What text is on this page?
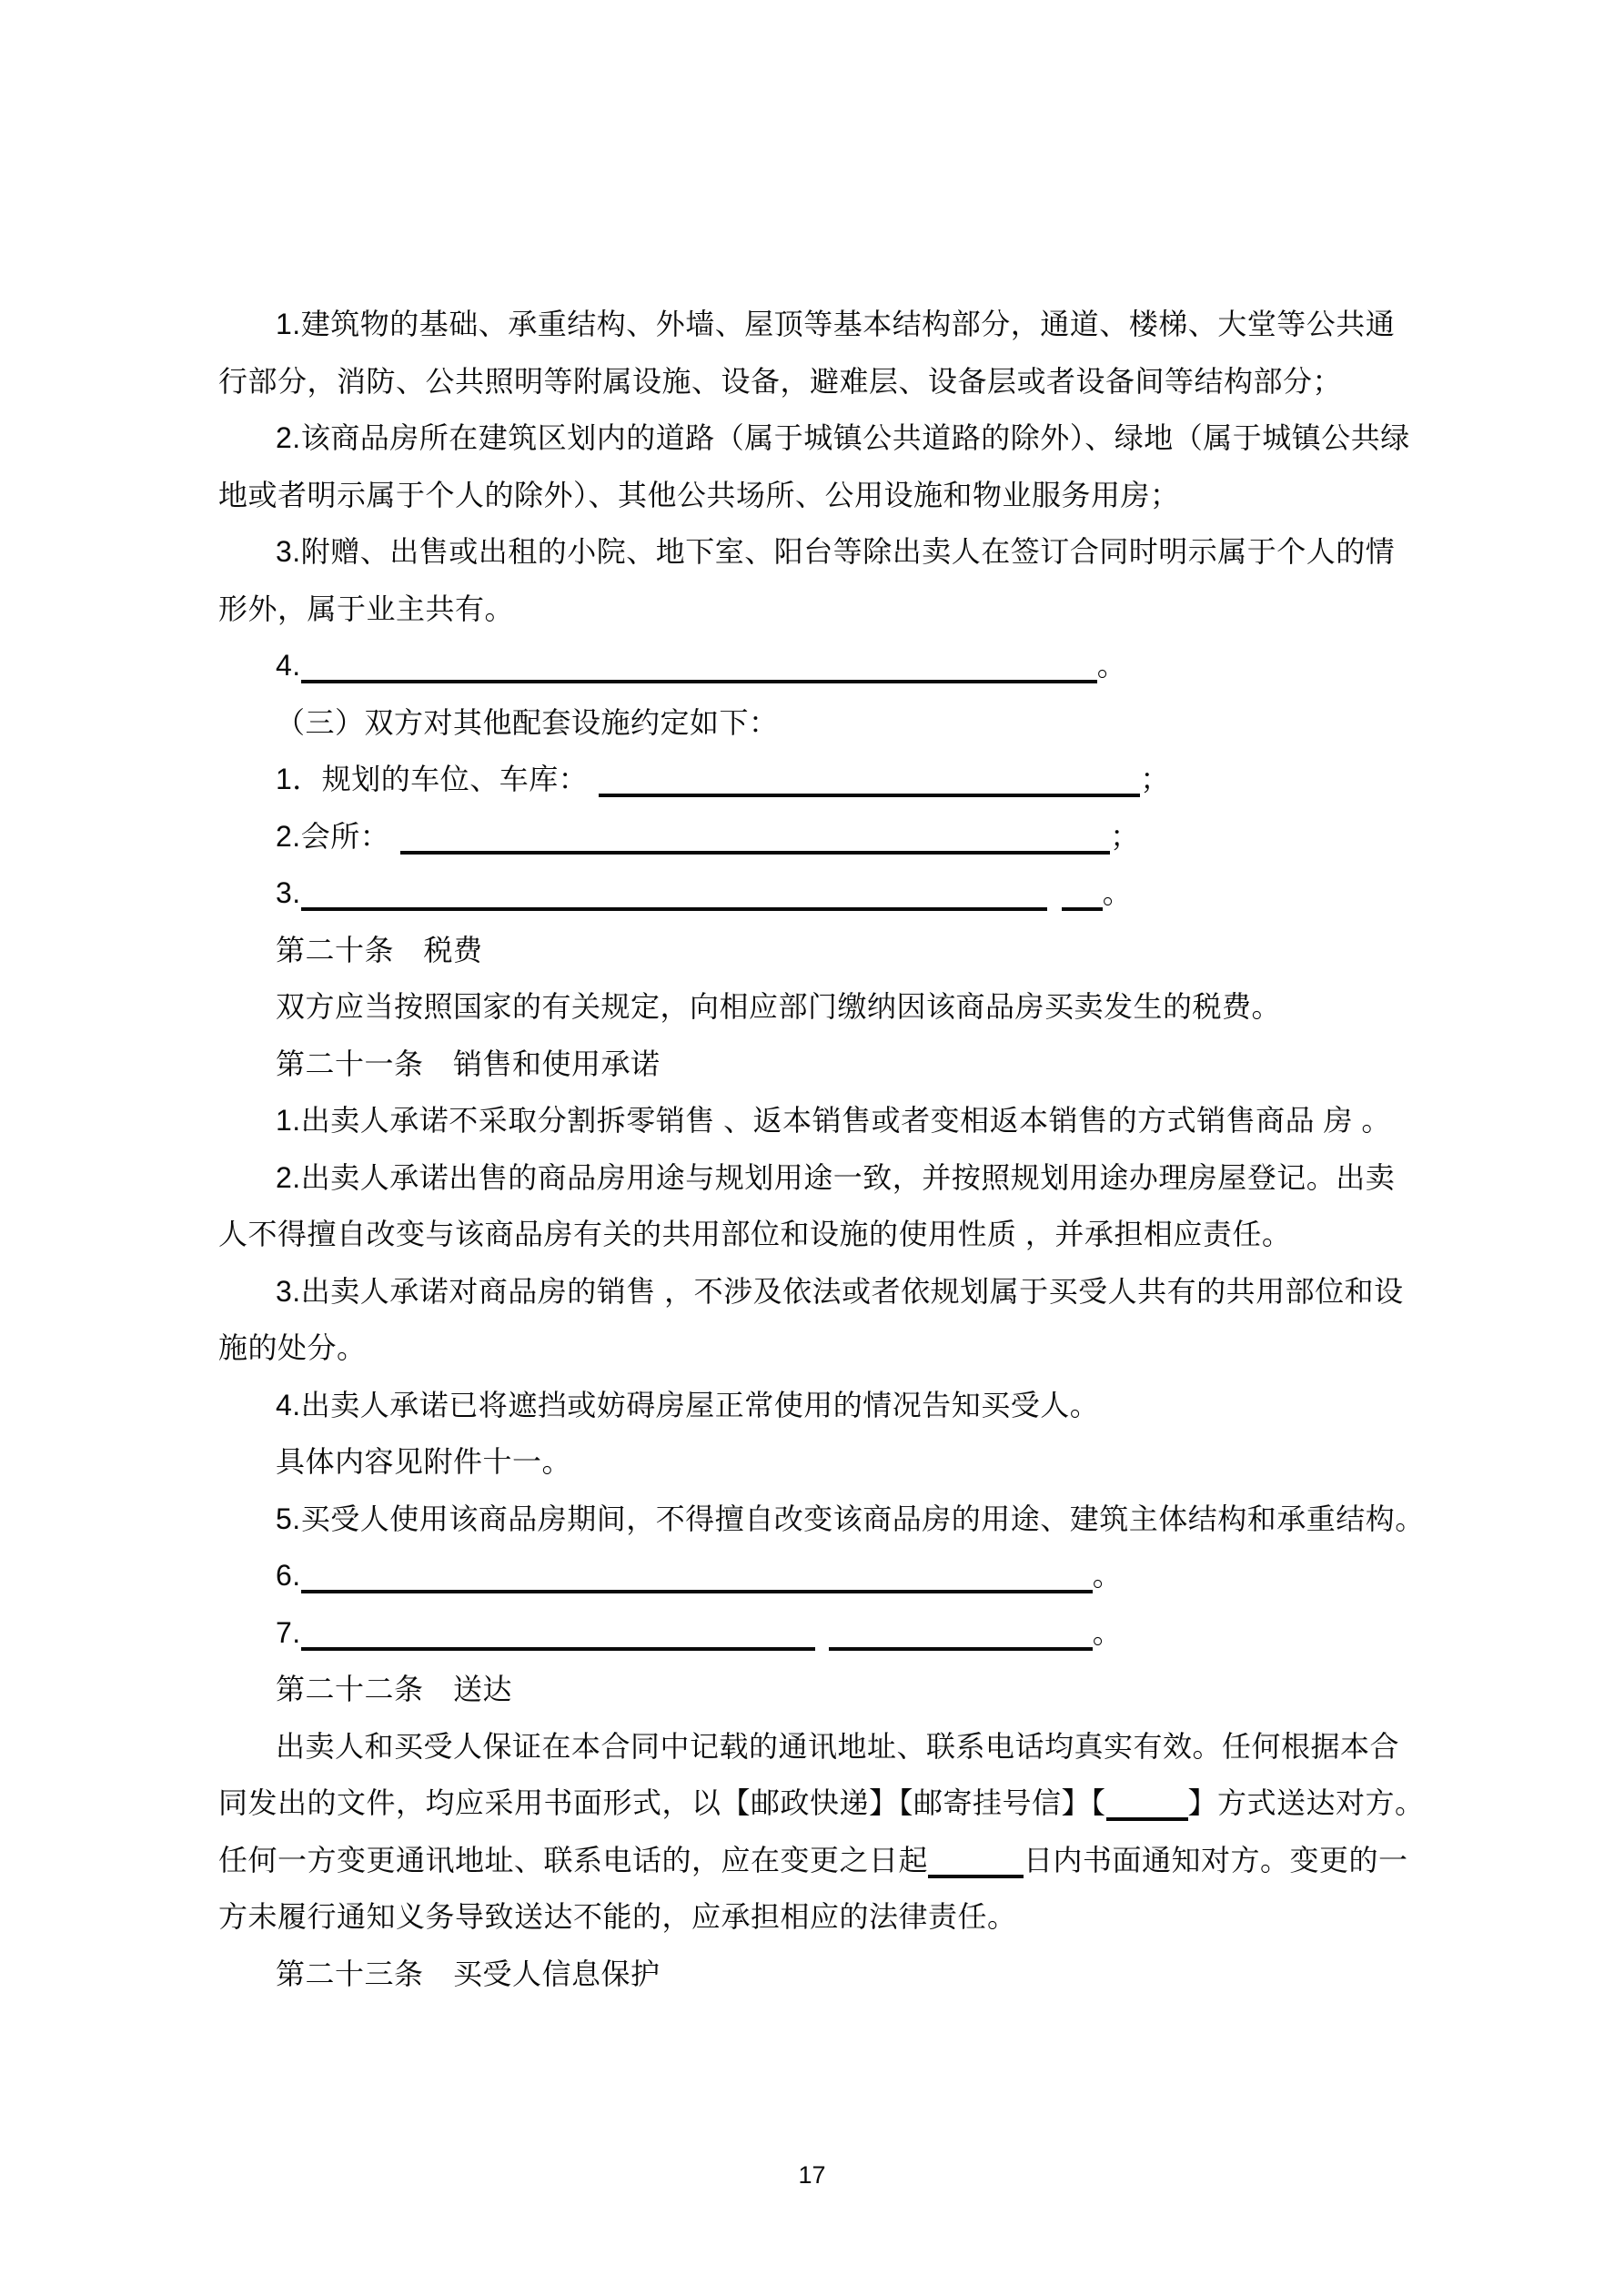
1.建筑物的基础、承重结构、外墙、屋顶等基本结构部分，通道、楼梯、大堂等公共通
行部分，消防、公共照明等附属设施、设备，避难层、设备层或者设备间等结构部分；
2.该商品房所在建筑区划内的道路（属于城镇公共道路的除外）、绿地（属于城镇公共绿
地或者明示属于个人的除外）、其他公共场所、公用设施和物业服务用房；
3.附赠、出售或出租的小院、地下室、阳台等除出卖人在签订合同时明示属于个人的情
形外，属于业主共有。
4.	。
（三）双方对其他配套设施约定如下：
1．规划的车位、车库：	；
2.会所：	；
3.	。
第二十条　税费
双方应当按照国家的有关规定，向相应部门缴纳因该商品房买卖发生的税费。
第二十一条　销售和使用承诺
1.出卖人承诺不采取分割拆零销售 、返本销售或者变相返本销售的方式销售商品 房 。
2.出卖人承诺出售的商品房用途与规划用途一致，并按照规划用途办理房屋登记。出卖
人不得擅自改变与该商品房有关的共用部位和设施的使用性质 ，并承担相应责任。
3.出卖人承诺对商品房的销售 ，不涉及依法或者依规划属于买受人共有的共用部位和设
施的处分。
4.出卖人承诺已将遮挡或妨碍房屋正常使用的情况告知买受人。
具体内容见附件十一。
5.买受人使用该商品房期间，不得擅自改变该商品房的用途、建筑主体结构和承重结构。
6.	。
7.	。
第二十二条　送达
出卖人和买受人保证在本合同中记载的通讯地址、联系电话均真实有效。任何根据本合
同发出的文件，均应采用书面形式，以【邮政快递】【邮寄挂号信】【	】方式送达对方。
任何一方变更通讯地址、联系电话的，应在变更之日起	日内书面通知对方。变更的一
方未履行通知义务导致送达不能的，应承担相应的法律责任。
第二十三条　买受人信息保护
17
